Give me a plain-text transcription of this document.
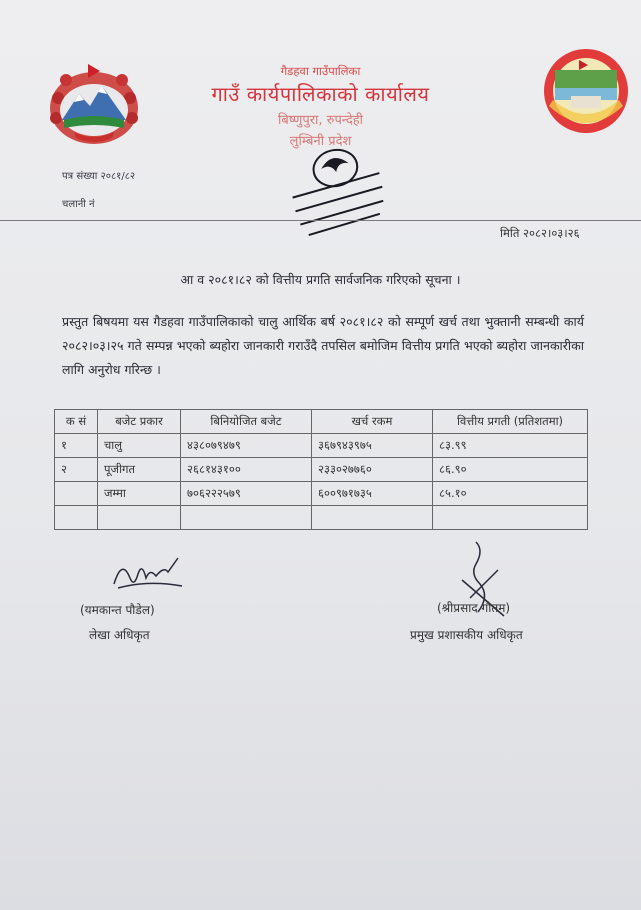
गैडहवा गाउँपालिका
गाउँ कार्यपालिकाको कार्यालय
बिष्णुपुरा, रुपन्देही
लुम्बिनी प्रदेश
पत्र संख्या २०८१/८२
चलानी नं
मिति २०८२।०३।२६
आ व २०८१।८२ को वित्तीय प्रगति सार्वजनिक गरिएको सूचना ।
प्रस्तुत बिषयमा यस गैडहवा गाउँपालिकाको चालु आर्थिक बर्ष २०८१।८२ को सम्पूर्ण खर्च तथा भुक्तानी सम्बन्धी कार्य २०८२।०३।२५ गते सम्पन्न भएको ब्यहोरा जानकारी गराउँदै तपसिल बमोजिम वित्तीय प्रगति भएको ब्यहोरा जानकारीका लागि अनुरोध गरिन्छ ।
क सं	बजेट प्रकार	बिनियोजित बजेट	खर्च रकम	वित्तीय प्रगती (प्रतिशतमा)
१	चालु	४३८०७९४७९	३६७९४३९७५	८३.९९
२	पूजीगत	२६८१४३१००	२३३०२७७६०	८६.९०
	जम्मा	७०६२२२५७९	६००९७१७३५	८५.१०

(यमकान्त पौडेल)
लेखा अधिकृत
(श्रीप्रसाद गौतम)
प्रमुख प्रशासकीय अधिकृत
